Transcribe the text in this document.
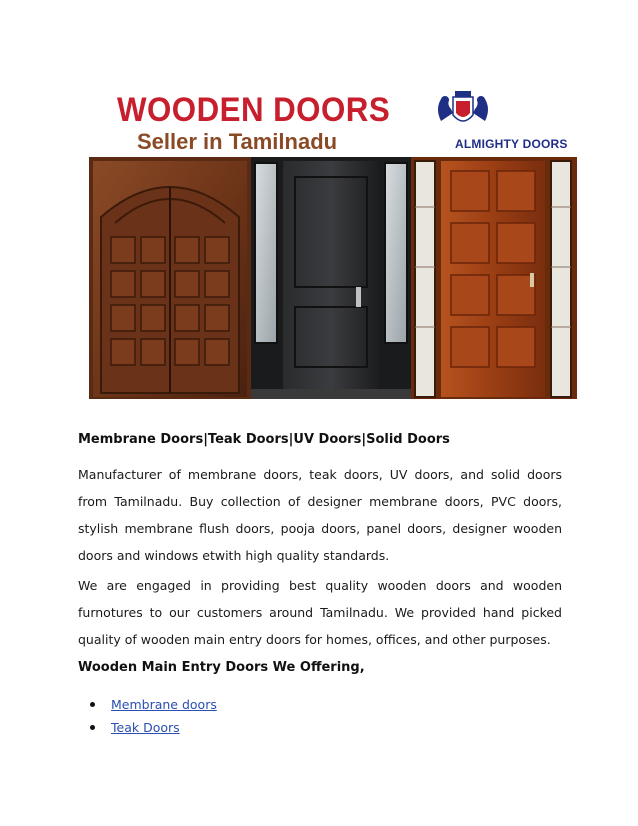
WOODEN DOORS

Seller in Tamilnadu	ALMIGHTY DOORS

Membrane Doors|Teak Doors|UV Doors|Solid Doors

Manufacturer of membrane doors, teak doors, UV doors, and solid doors from Tamilnadu. Buy collection of designer membrane doors, PVC doors, stylish membrane flush doors, pooja doors, panel doors, designer wooden doors and windows etwith high quality standards.

We are engaged in providing best quality wooden doors and wooden furnotures to our customers around Tamilnadu. We provided hand picked quality of wooden main entry doors for homes, offices, and other purposes.

Wooden Main Entry Doors We Offering,

Membrane doors
Teak Doors
